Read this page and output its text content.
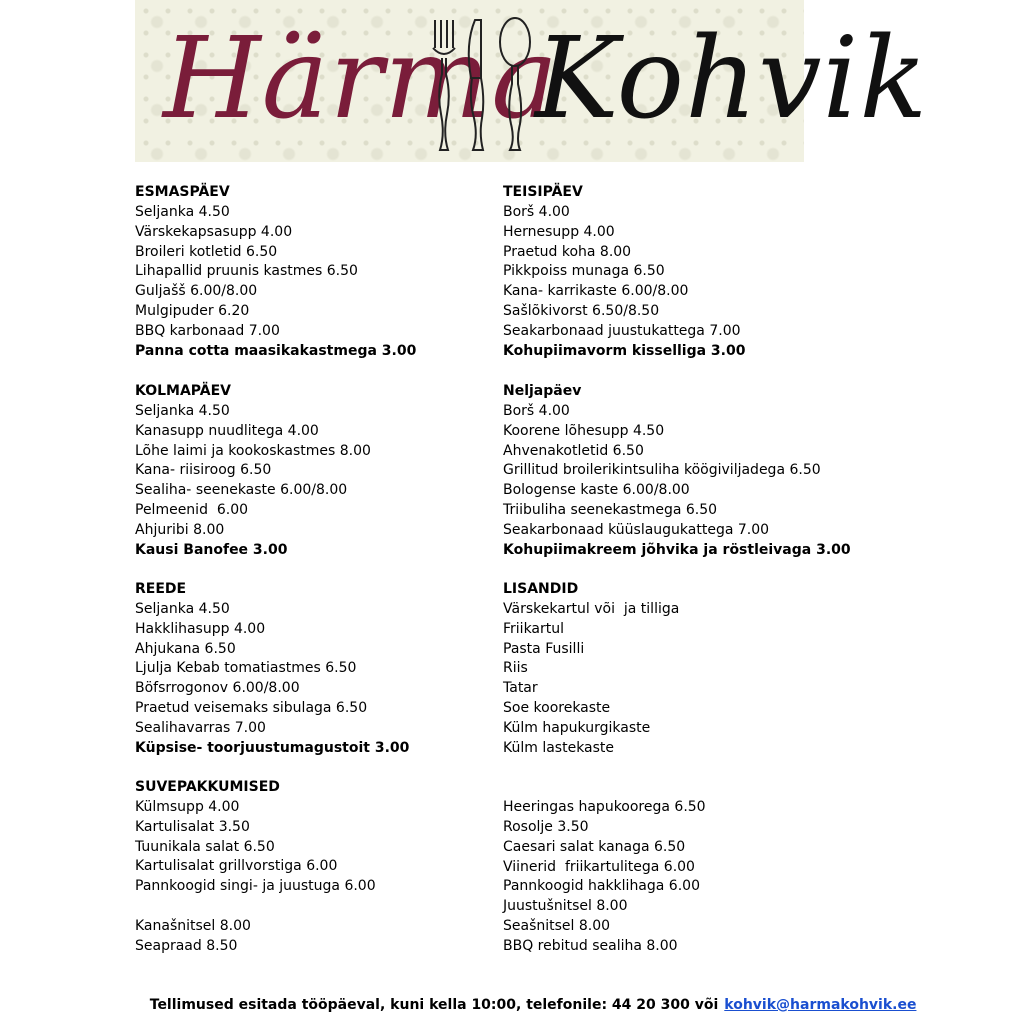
Härma
Kohvik
ESMASPÄEV
Seljanka 4.50
Värskekapsasupp 4.00
Broileri kotletid 6.50
Lihapallid pruunis kastmes 6.50
Guljašš 6.00/8.00
Mulgipuder 6.20
BBQ karbonaad 7.00
Panna cotta maasikakastmega 3.00
TEISIPÄEV
Borš 4.00
Hernesupp 4.00
Praetud koha 8.00
Pikkpoiss munaga 6.50
Kana- karrikaste 6.00/8.00
Sašlõkivorst 6.50/8.50
Seakarbonaad juustukattega 7.00
Kohupiimavorm kisselliga 3.00
KOLMAPÄEV
Seljanka 4.50
Kanasupp nuudlitega 4.00
Lõhe laimi ja kookoskastmes 8.00
Kana- riisiroog 6.50
Sealiha- seenekaste 6.00/8.00
Pelmeenid  6.00
Ahjuribi 8.00
Kausi Banofee 3.00
Neljapäev
Borš 4.00
Koorene lõhesupp 4.50
Ahvenakotletid 6.50
Grillitud broilerikintsuliha köögiviljadega 6.50
Bologense kaste 6.00/8.00
Triibuliha seenekastmega 6.50
Seakarbonaad küüslaugukattega 7.00
Kohupiimakreem jõhvika ja röstleivaga 3.00
REEDE
Seljanka 4.50
Hakklihasupp 4.00
Ahjukana 6.50
Ljulja Kebab tomatiastmes 6.50
Böfsrrogonov 6.00/8.00
Praetud veisemaks sibulaga 6.50
Sealihavarras 7.00
Küpsise- toorjuustumagustoit 3.00
LISANDID
Värskekartul või  ja tilliga
Friikartul
Pasta Fusilli
Riis
Tatar
Soe koorekaste
Külm hapukurgikaste
Külm lastekaste
SUVEPAKKUMISED
Külmsupp 4.00
Kartulisalat 3.50
Tuunikala salat 6.50
Kartulisalat grillvorstiga 6.00
Pannkoogid singi- ja juustuga 6.00
Kanašnitsel 8.00
Seapraad 8.50
Heeringas hapukoorega 6.50
Rosolje 3.50
Caesari salat kanaga 6.50
Viinerid  friikartulitega 6.00
Pannkoogid hakklihaga 6.00
Juustušnitsel 8.00
Seašnitsel 8.00
BBQ rebitud sealiha 8.00

Tellimused esitada tööpäeval, kuni kella 10:00, telefonile: 44 20 300 või kohvik@harmakohvik.ee
